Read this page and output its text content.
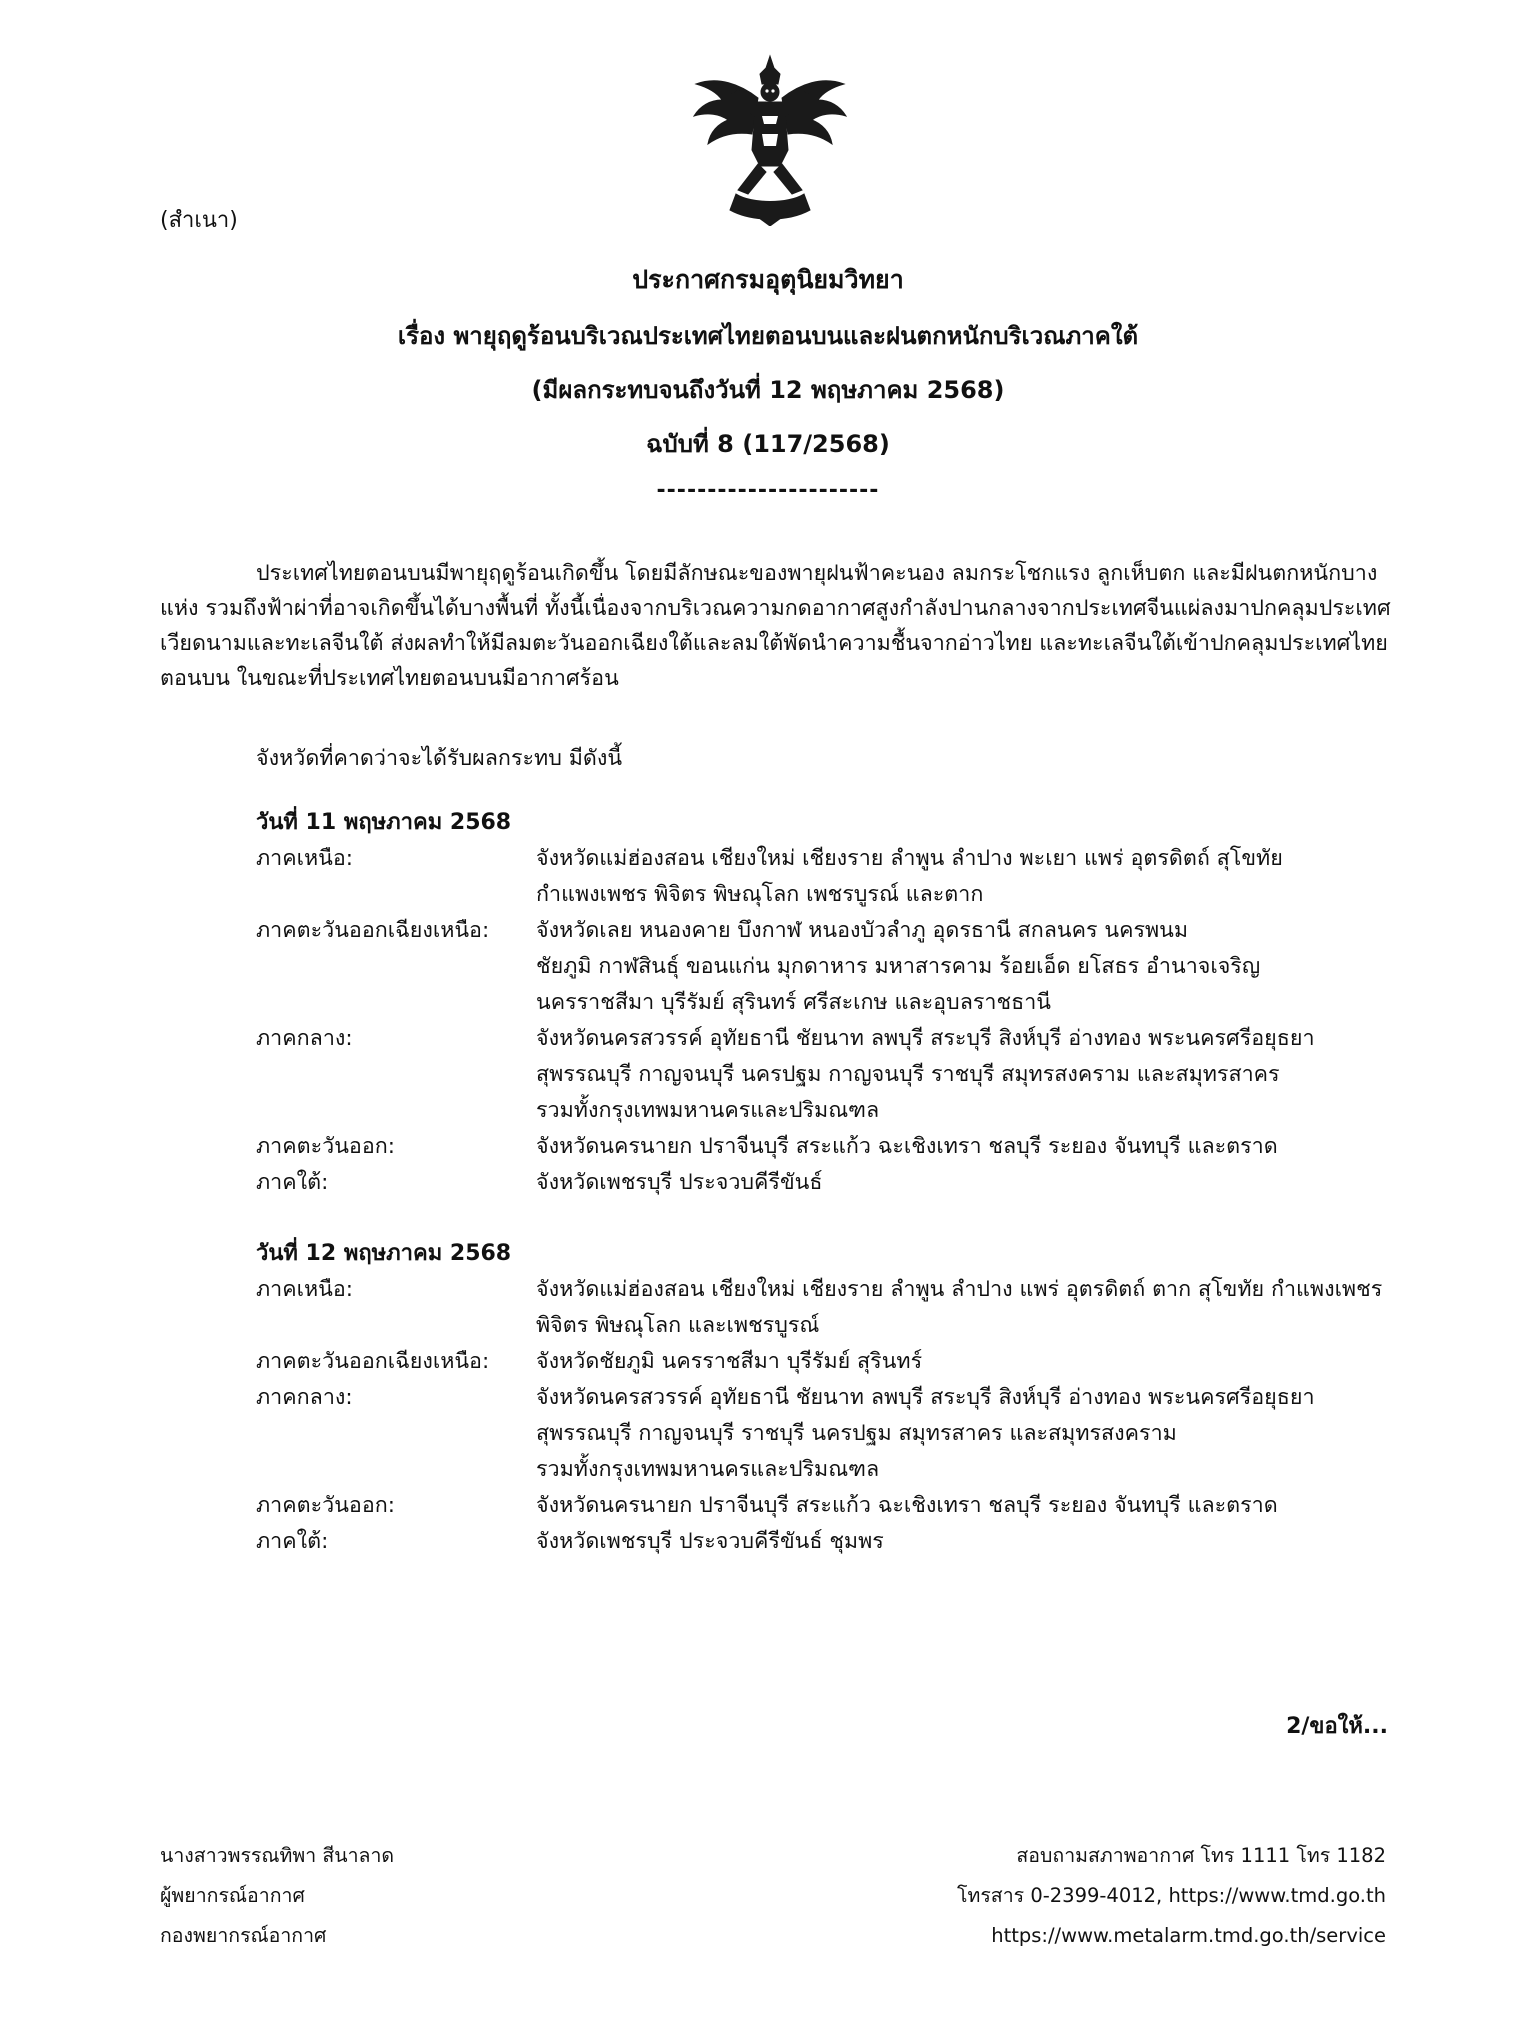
(สำเนา)
ประกาศกรมอุตุนิยมวิทยา
เรื่อง พายุฤดูร้อนบริเวณประเทศไทยตอนบนและฝนตกหนักบริเวณภาคใต้
(มีผลกระทบจนถึงวันที่ 12 พฤษภาคม 2568)
ฉบับที่ 8 (117/2568)
----------------------
ประเทศไทยตอนบนมีพายุฤดูร้อนเกิดขึ้น โดยมีลักษณะของพายุฝนฟ้าคะนอง ลมกระโชกแรง ลูกเห็บตก และมีฝนตกหนักบางแห่ง รวมถึงฟ้าผ่าที่อาจเกิดขึ้นได้บางพื้นที่ ทั้งนี้เนื่องจากบริเวณความกดอากาศสูงกำลังปานกลางจากประเทศจีนแผ่ลงมาปกคลุมประเทศเวียดนามและทะเลจีนใต้ ส่งผลทำให้มีลมตะวันออกเฉียงใต้และลมใต้พัดนำความชื้นจากอ่าวไทย และทะเลจีนใต้เข้าปกคลุมประเทศไทยตอนบน ในขณะที่ประเทศไทยตอนบนมีอากาศร้อน
จังหวัดที่คาดว่าจะได้รับผลกระทบ มีดังนี้
วันที่ 11 พฤษภาคม 2568
ภาคเหนือ:	จังหวัดแม่ฮ่องสอน เชียงใหม่ เชียงราย ลำพูน ลำปาง พะเยา แพร่ อุตรดิตถ์ สุโขทัย
กำแพงเพชร พิจิตร พิษณุโลก เพชรบูรณ์ และตาก
ภาคตะวันออกเฉียงเหนือ:	จังหวัดเลย หนองคาย บึงกาฬ หนองบัวลำภู อุดรธานี สกลนคร นครพนม
ชัยภูมิ กาฬสินธุ์ ขอนแก่น มุกดาหาร มหาสารคาม ร้อยเอ็ด ยโสธร อำนาจเจริญ
นครราชสีมา บุรีรัมย์ สุรินทร์ ศรีสะเกษ และอุบลราชธานี
ภาคกลาง:	จังหวัดนครสวรรค์ อุทัยธานี ชัยนาท ลพบุรี สระบุรี สิงห์บุรี อ่างทอง พระนครศรีอยุธยา
สุพรรณบุรี กาญจนบุรี นครปฐม กาญจนบุรี ราชบุรี สมุทรสงคราม และสมุทรสาคร
รวมทั้งกรุงเทพมหานครและปริมณฑล
ภาคตะวันออก:	จังหวัดนครนายก ปราจีนบุรี สระแก้ว ฉะเชิงเทรา ชลบุรี ระยอง จันทบุรี และตราด
ภาคใต้:	จังหวัดเพชรบุรี ประจวบคีรีขันธ์
วันที่ 12 พฤษภาคม 2568
ภาคเหนือ:	จังหวัดแม่ฮ่องสอน เชียงใหม่ เชียงราย ลำพูน ลำปาง แพร่ อุตรดิตถ์ ตาก สุโขทัย กำแพงเพชร
พิจิตร พิษณุโลก และเพชรบูรณ์
ภาคตะวันออกเฉียงเหนือ:	จังหวัดชัยภูมิ นครราชสีมา บุรีรัมย์ สุรินทร์
ภาคกลาง:	จังหวัดนครสวรรค์ อุทัยธานี ชัยนาท ลพบุรี สระบุรี สิงห์บุรี อ่างทอง พระนครศรีอยุธยา
สุพรรณบุรี กาญจนบุรี ราชบุรี นครปฐม สมุทรสาคร และสมุทรสงคราม
รวมทั้งกรุงเทพมหานครและปริมณฑล
ภาคตะวันออก:	จังหวัดนครนายก ปราจีนบุรี สระแก้ว ฉะเชิงเทรา ชลบุรี ระยอง จันทบุรี และตราด
ภาคใต้:	จังหวัดเพชรบุรี ประจวบคีรีขันธ์ ชุมพร
2/ขอให้...
นางสาวพรรณทิพา สีนาลาด
ผู้พยากรณ์อากาศ
กองพยากรณ์อากาศ
สอบถามสภาพอากาศ โทร 1111 โทร 1182
โทรสาร 0-2399-4012, https://www.tmd.go.th
https://www.metalarm.tmd.go.th/service
